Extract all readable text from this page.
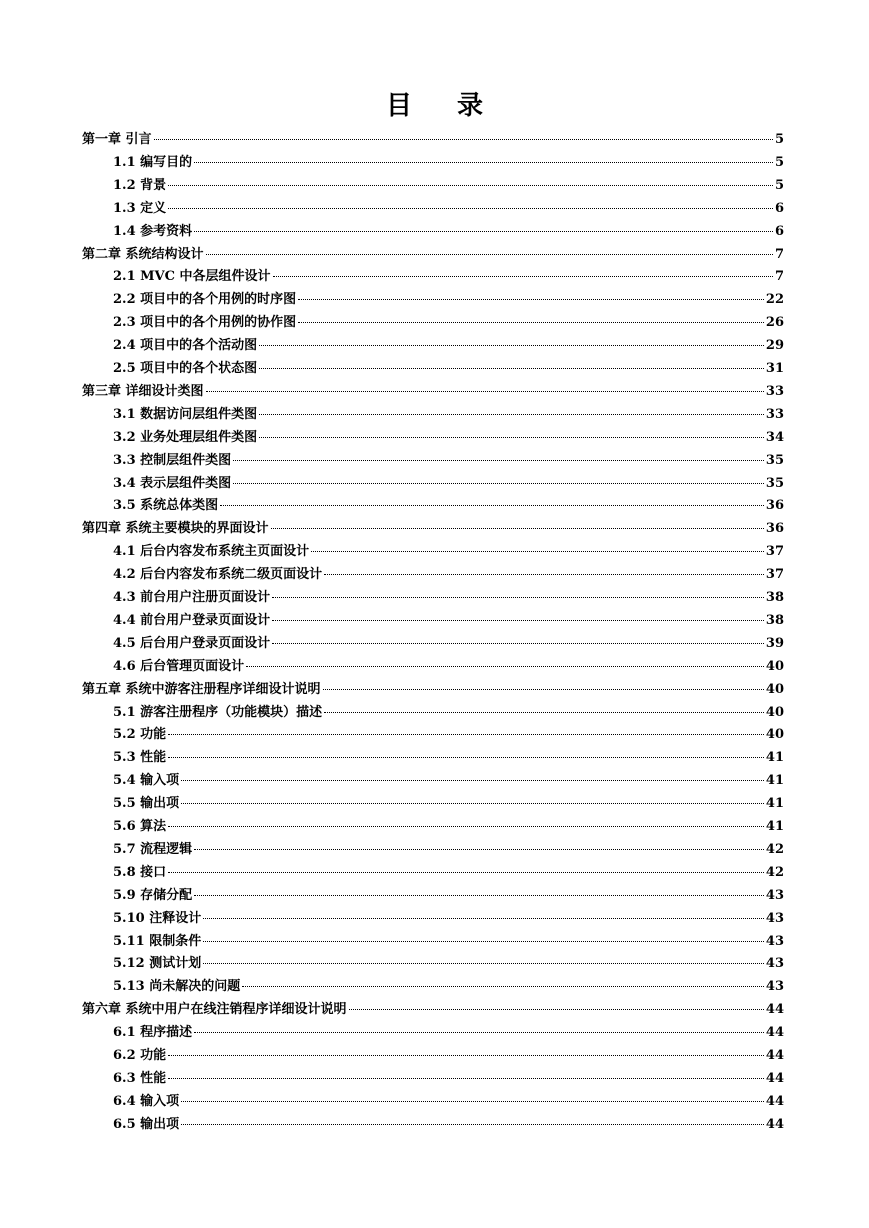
目 录
第一章 引言	5
1.1 编写目的	5
1.2 背景	5
1.3 定义	6
1.4 参考资料	6
第二章 系统结构设计	7
2.1 MVC 中各层组件设计	7
2.2 项目中的各个用例的时序图	22
2.3 项目中的各个用例的协作图	26
2.4 项目中的各个活动图	29
2.5 项目中的各个状态图	31
第三章 详细设计类图	33
3.1 数据访问层组件类图	33
3.2 业务处理层组件类图	34
3.3 控制层组件类图	35
3.4 表示层组件类图	35
3.5 系统总体类图	36
第四章 系统主要模块的界面设计	36
4.1 后台内容发布系统主页面设计	37
4.2 后台内容发布系统二级页面设计	37
4.3 前台用户注册页面设计	38
4.4 前台用户登录页面设计	38
4.5 后台用户登录页面设计	39
4.6 后台管理页面设计	40
第五章 系统中游客注册程序详细设计说明	40
5.1 游客注册程序（功能模块）描述	40
5.2 功能	40
5.3 性能	41
5.4 输入项	41
5.5 输出项	41
5.6 算法	41
5.7 流程逻辑	42
5.8 接口	42
5.9 存储分配	43
5.10 注释设计	43
5.11 限制条件	43
5.12 测试计划	43
5.13 尚未解决的问题	43
第六章 系统中用户在线注销程序详细设计说明	44
6.1 程序描述	44
6.2 功能	44
6.3 性能	44
6.4 输入项	44
6.5 输出项	44
